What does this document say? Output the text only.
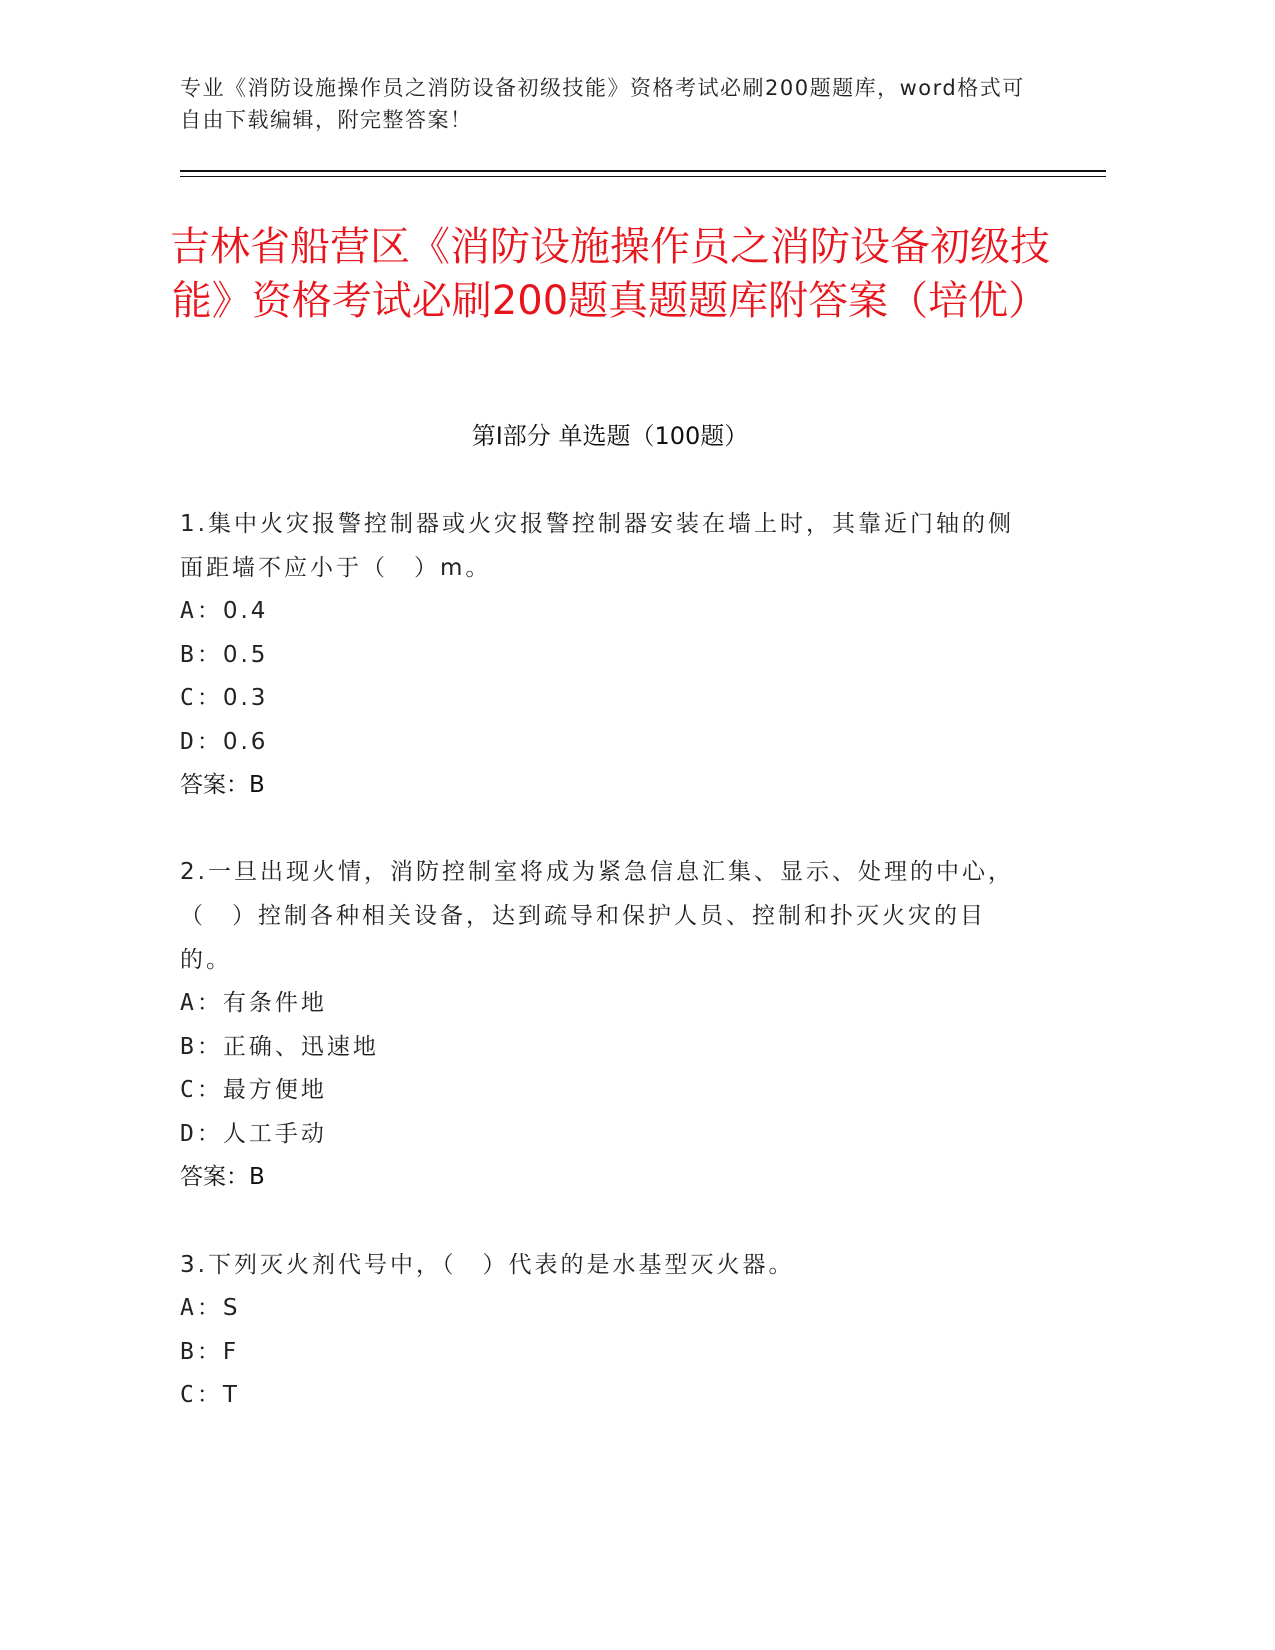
专业《消防设施操作员之消防设备初级技能》资格考试必刷200题题库，word格式可自由下载编辑，附完整答案！
吉林省船营区《消防设施操作员之消防设备初级技能》资格考试必刷200题真题题库附答案（培优）
第Ⅰ部分 单选题（100题）
1.集中火灾报警控制器或火灾报警控制器安装在墙上时，其靠近门轴的侧面距墙不应小于（　）m。
A：0.4
B：0.5
C：0.3
D：0.6
答案：B
2.一旦出现火情，消防控制室将成为紧急信息汇集、显示、处理的中心，（　）控制各种相关设备，达到疏导和保护人员、控制和扑灭火灾的目的。
A：有条件地
B：正确、迅速地
C：最方便地
D：人工手动
答案：B
3.下列灭火剂代号中，（　）代表的是水基型灭火器。
A：S
B：F
C：T
